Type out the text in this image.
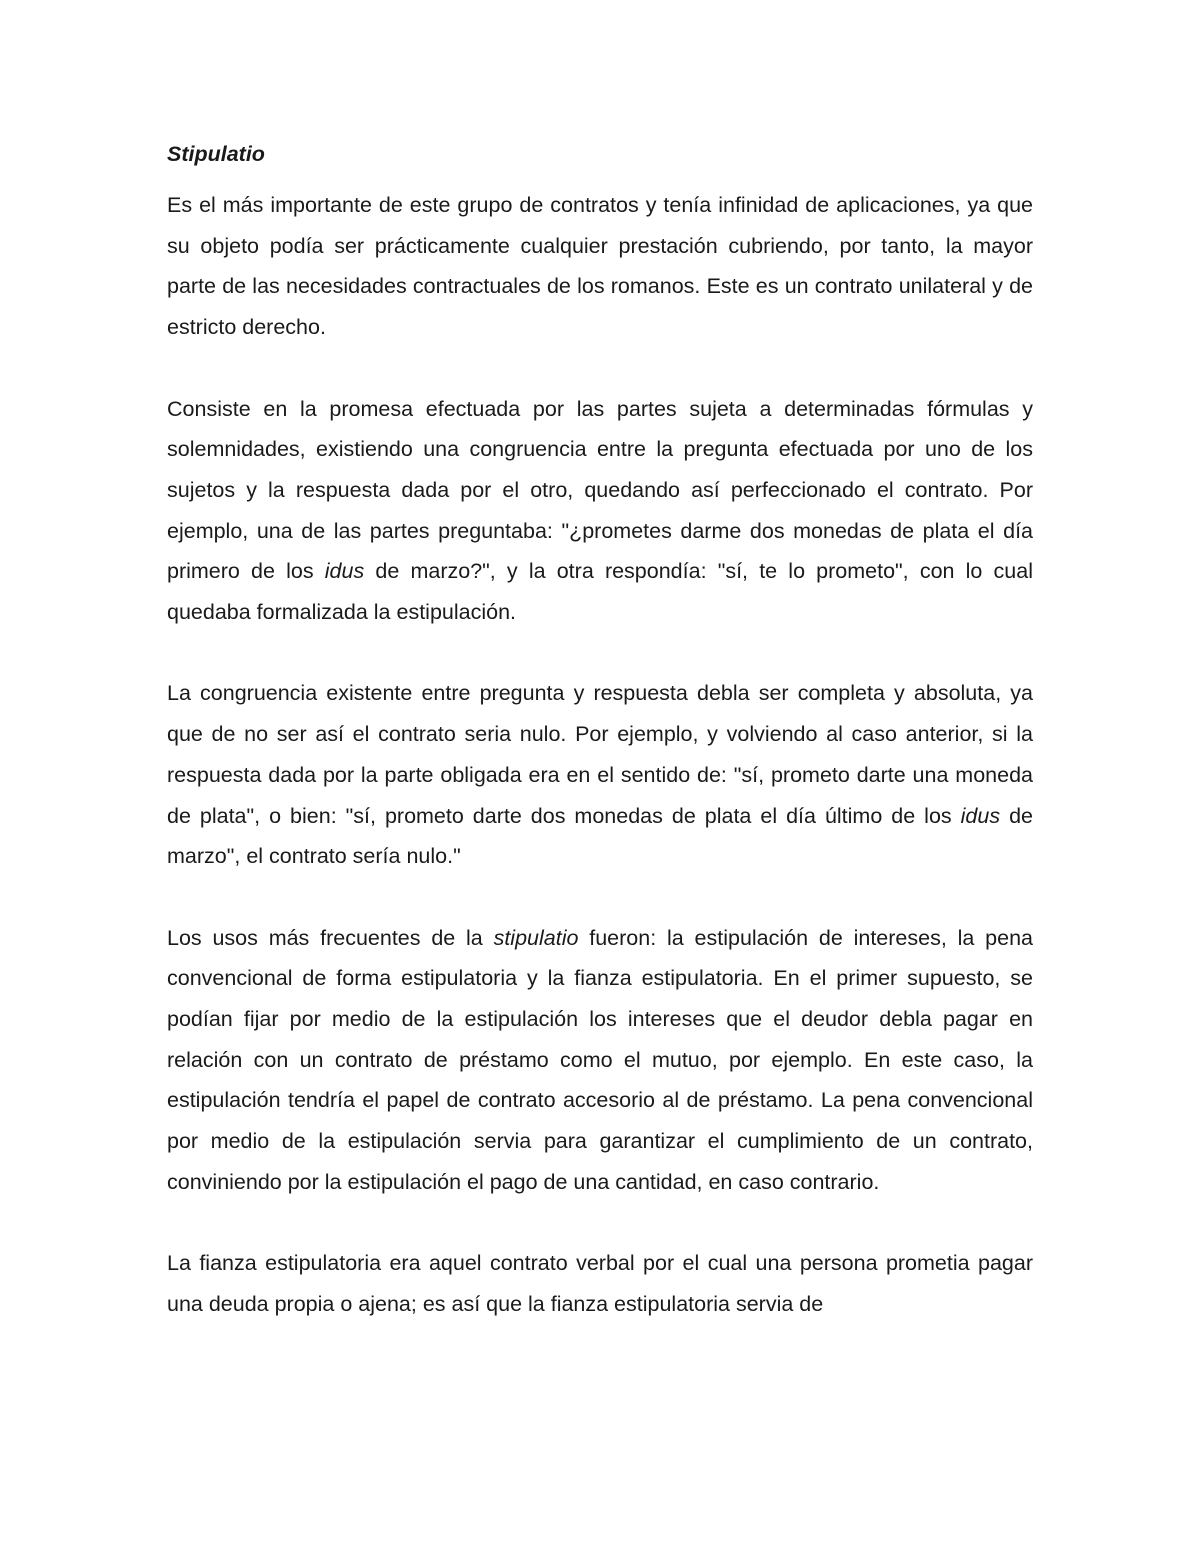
Stipulatio

Es el más importante de este grupo de contratos y tenía infinidad de aplicaciones, ya que su objeto podía ser prácticamente cualquier prestación cubriendo, por tanto, la mayor parte de las necesidades contractuales de los romanos. Este es un contrato unilateral y de estricto derecho.

Consiste en la promesa efectuada por las partes sujeta a determinadas fórmulas y solemnidades, existiendo una congruencia entre la pregunta efectuada por uno de los sujetos y la respuesta dada por el otro, quedando así perfeccionado el contrato. Por ejemplo, una de las partes preguntaba: "¿prometes darme dos monedas de plata el día primero de los idus de marzo?", y la otra respondía: "sí, te lo prometo", con lo cual quedaba formalizada la estipulación.

La congruencia existente entre pregunta y respuesta debla ser completa y absoluta, ya que de no ser así el contrato seria nulo. Por ejemplo, y volviendo al caso anterior, si la respuesta dada por la parte obligada era en el sentido de: "sí, prometo darte una moneda de plata", o bien: "sí, prometo darte dos monedas de plata el día último de los idus de marzo", el contrato sería nulo."

Los usos más frecuentes de la stipulatio fueron: la estipulación de intereses, la pena convencional de forma estipulatoria y la fianza estipulatoria. En el primer supuesto, se podían fijar por medio de la estipulación los intereses que el deudor debla pagar en relación con un contrato de préstamo como el mutuo, por ejemplo. En este caso, la estipulación tendría el papel de contrato accesorio al de préstamo. La pena convencional por medio de la estipulación servia para garantizar el cumplimiento de un contrato, conviniendo por la estipulación el pago de una cantidad, en caso contrario.

La fianza estipulatoria era aquel contrato verbal por el cual una persona prometia pagar una deuda propia o ajena; es así que la fianza estipulatoria servia de
